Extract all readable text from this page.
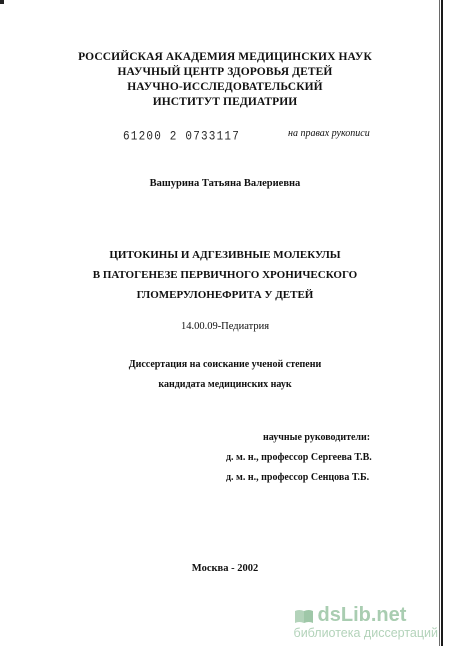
РОССИЙСКАЯ АКАДЕМИЯ МЕДИЦИНСКИХ НАУК
НАУЧНЫЙ ЦЕНТР ЗДОРОВЬЯ ДЕТЕЙ
НАУЧНО-ИССЛЕДОВАТЕЛЬСКИЙ
ИНСТИТУТ ПЕДИАТРИИ
61200 2 0733117	на правах рукописи
Вашурина Татьяна Валериевна
ЦИТОКИНЫ И АДГЕЗИВНЫЕ МОЛЕКУЛЫ
В ПАТОГЕНЕЗЕ ПЕРВИЧНОГО ХРОНИЧЕСКОГО
ГЛОМЕРУЛОНЕФРИТА У ДЕТЕЙ
14.00.09-Педиатрия
Диссертация на соискание ученой степени
кандидата медицинских наук
научные руководители:
д. м. н., профессор Сергеева Т.В.
д. м. н., профессор Сенцова Т.Б.
Москва - 2002
dsLib.net
библиотека диссертаций
